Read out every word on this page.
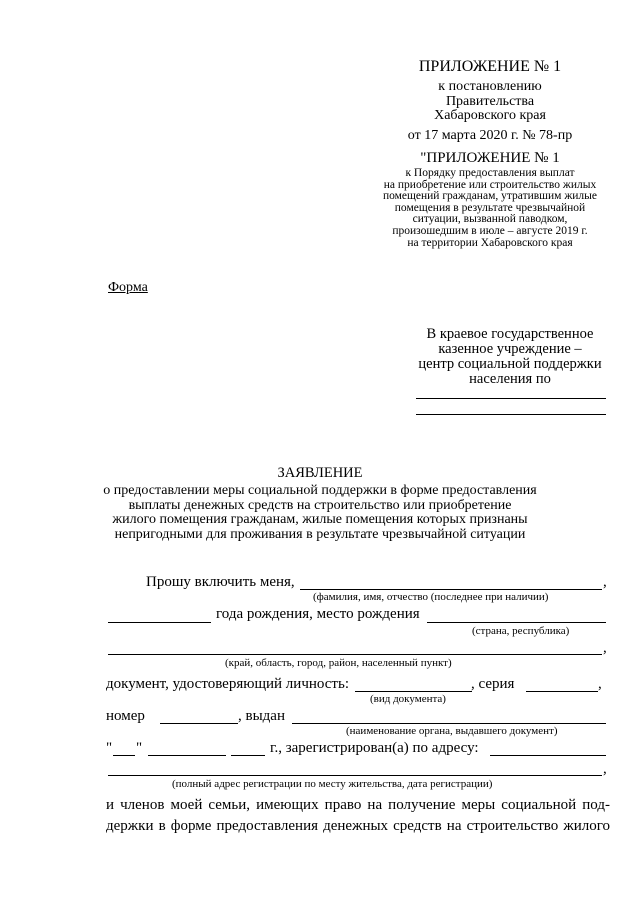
ПРИЛОЖЕНИЕ № 1
к постановлению
Правительства
Хабаровского края
от 17 марта 2020 г. № 78-пр
"ПРИЛОЖЕНИЕ № 1
к Порядку предоставления выплат
на приобретение или строительство жилых
помещений гражданам, утратившим жилые
помещения в результате чрезвычайной
ситуации, вызванной паводком,
произошедшим в июле – августе 2019 г.
на территории Хабаровского края
Форма
В краевое государственное
казенное учреждение –
центр социальной поддержки
населения по
ЗАЯВЛЕНИЕ
о предоставлении меры социальной поддержки в форме предоставления
выплаты денежных средств на строительство или приобретение
жилого помещения гражданам, жилые помещения которых признаны
непригодными для проживания в результате чрезвычайной ситуации
Прошу включить меня,	,
(фамилия, имя, отчество (последнее при наличии)
года рождения, место рождения
(страна, республика)
,
(край, область, город, район, населенный пункт)
документ, удостоверяющий личность:	, серия	,
(вид документа)
номер	, выдан
(наименование органа, выдавшего документ)
" "	г., зарегистрирован(а) по адресу:
,
(полный адрес регистрации по месту жительства, дата регистрации)
и членов моей семьи, имеющих право на получение меры социальной под-
держки в форме предоставления денежных средств на строительство жилого
